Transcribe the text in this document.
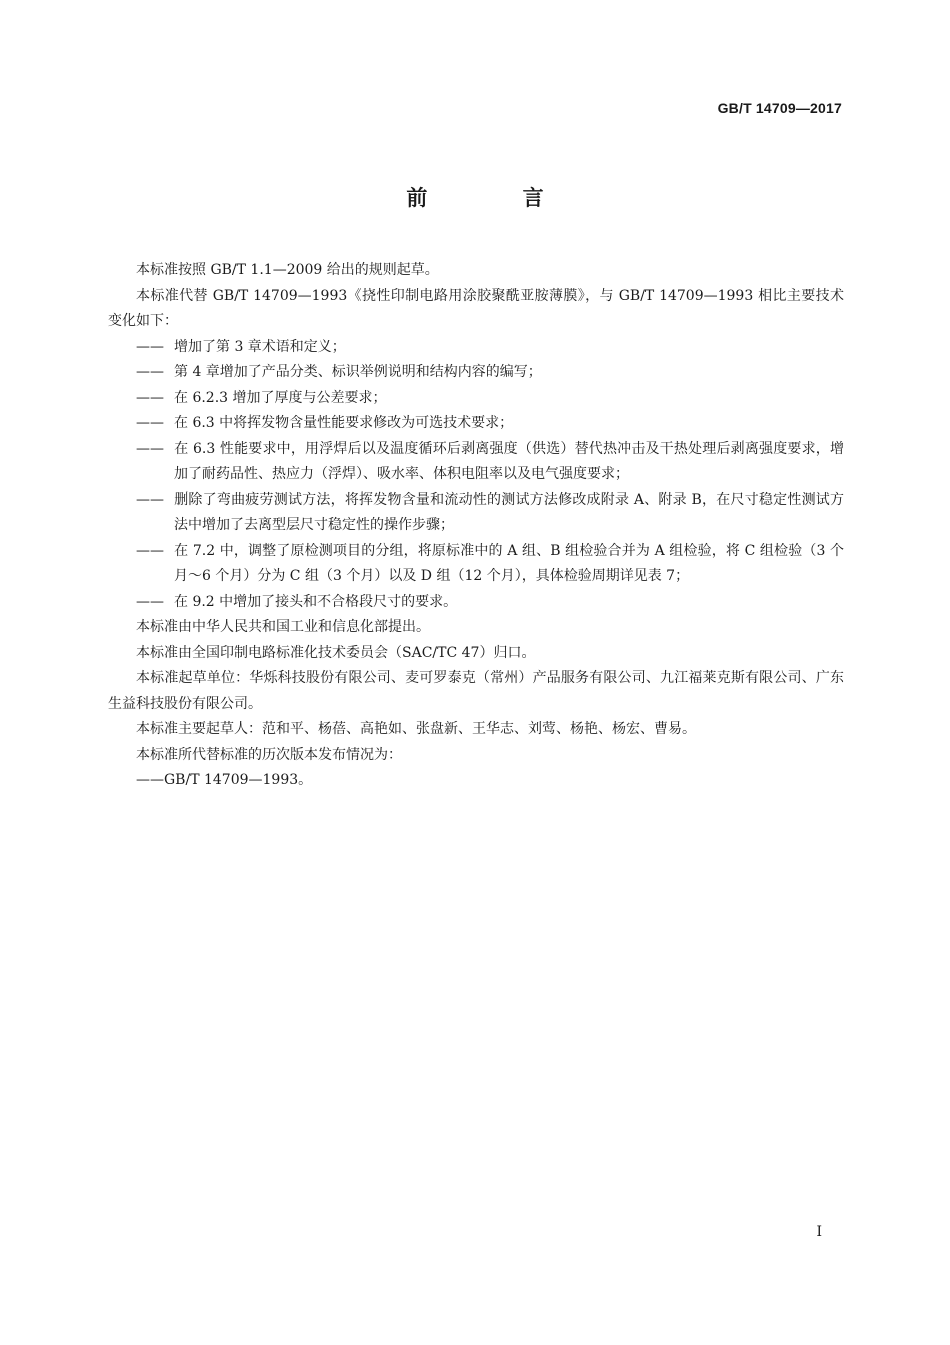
GB/T 14709—2017
前 言

本标准按照 GB/T 1.1—2009 给出的规则起草。

本标准代替 GB/T 14709—1993《挠性印制电路用涂胶聚酰亚胺薄膜》，与 GB/T 14709—1993 相比主要技术变化如下：

—— 增加了第 3 章术语和定义；

—— 第 4 章增加了产品分类、标识举例说明和结构内容的编写；

—— 在 6.2.3 增加了厚度与公差要求；

—— 在 6.3 中将挥发物含量性能要求修改为可选技术要求；

—— 在 6.3 性能要求中，用浮焊后以及温度循环后剥离强度（供选）替代热冲击及干热处理后剥离强度要求，增加了耐药品性、热应力（浮焊）、吸水率、体积电阻率以及电气强度要求；

—— 删除了弯曲疲劳测试方法，将挥发物含量和流动性的测试方法修改成附录 A、附录 B，在尺寸稳定性测试方法中增加了去离型层尺寸稳定性的操作步骤；

—— 在 7.2 中，调整了原检测项目的分组，将原标准中的 A 组、B 组检验合并为 A 组检验，将 C 组检验（3 个月～6 个月）分为 C 组（3 个月）以及 D 组（12 个月），具体检验周期详见表 7；

—— 在 9.2 中增加了接头和不合格段尺寸的要求。

本标准由中华人民共和国工业和信息化部提出。

本标准由全国印制电路标准化技术委员会（SAC/TC 47）归口。

本标准起草单位：华烁科技股份有限公司、麦可罗泰克（常州）产品服务有限公司、九江福莱克斯有限公司、广东生益科技股份有限公司。

本标准主要起草人：范和平、杨蓓、高艳如、张盘新、王华志、刘莺、杨艳、杨宏、曹易。

本标准所代替标准的历次版本发布情况为：

——GB/T 14709—1993。

I
